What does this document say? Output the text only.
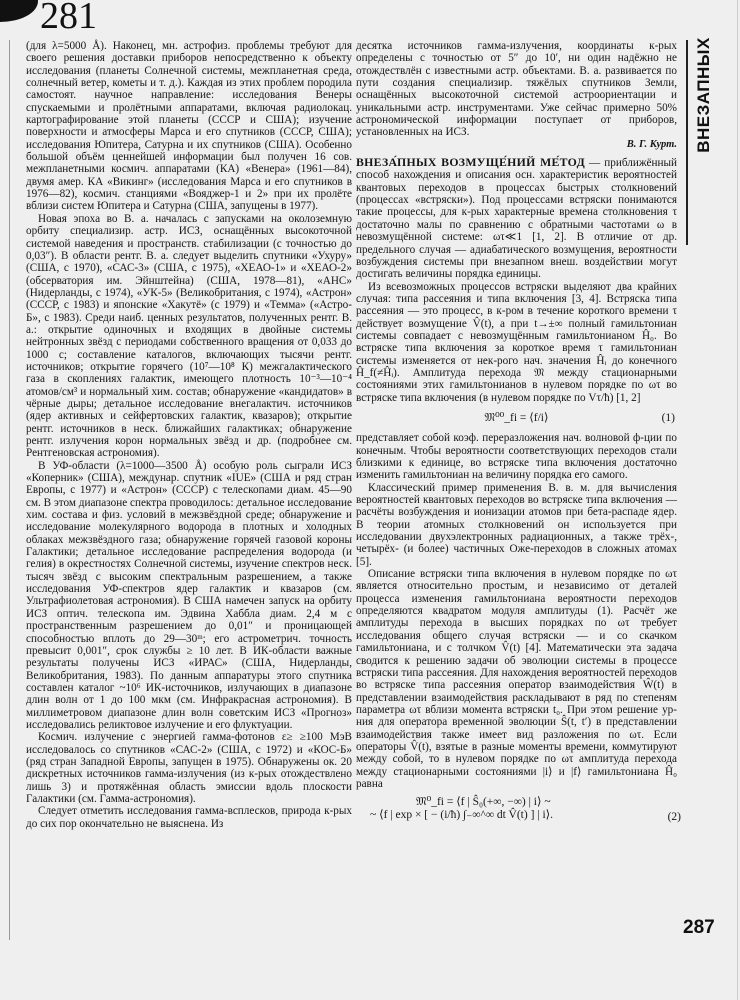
281

(для λ=5000 Å). Наконец, мн. астрофиз. проблемы требуют для своего решения доставки приборов непосредственно к объекту исследования (планеты Солнечной системы, межпланетная среда, солнечный ветер, кометы и т. д.). Каждая из этих проблем породила самостоят. научное направление: исследования Венеры спускаемыми и пролётными аппаратами, включая радиолокац. картографирование этой планеты (СССР и США); изучение поверхности и атмосферы Марса и его спутников (СССР, США); исследования Юпитера, Сатурна и их спутников (США). Особенно большой объём ценнейшей информации был получен 16 сов. межпланетными космич. аппаратами (КА) «Венера» (1961—84), двумя амер. КА «Викинг» (исследования Марса и его спутников в 1976—82), космич. станциями «Вояджер-1 и 2» при их пролёте вблизи систем Юпитера и Сатурна (США, запущены в 1977).

Новая эпоха во В. а. началась с запусками на околоземную орбиту специализир. астр. ИСЗ, оснащённых высокоточной системой наведения и пространств. стабилизации (с точностью до 0,03″). В области рентг. В. а. следует выделить спутники «Ухуру» (США, с 1970), «САС-3» (США, с 1975), «ХЕАО-1» и «ХЕАО-2» (обсерватория им. Эйнштейна) (США, 1978—81), «АНС» (Нидерланды, с 1974), «УК-5» (Великобритания, с 1974), «Астрон» (СССР, с 1983) и японские «Хакутё» (с 1979) и «Темма» («Астро-Б», с 1983). Среди наиб. ценных результатов, полученных рентг. В. а.: открытие одиночных и входящих в двойные системы нейтронных звёзд с периодами собственного вращения от 0,033 до 1000 с; составление каталогов, включающих тысячи рентг. источников; открытие горячего (10⁷—10⁸ К) межгалактического газа в скоплениях галактик, имеющего плотность 10⁻³—10⁻⁴ атомов/см³ и нормальный хим. состав; обнаружение «кандидатов» в чёрные дыры; детальное исследование внегалактич. источников (ядер активных и сейфертовских галактик, квазаров); открытие рентг. источников в неск. ближайших галактиках; обнаружение рентг. излучения корон нормальных звёзд и др. (подробнее см. Рентгеновская астрономия).

В УФ-области (λ=1000—3500 Å) особую роль сыграли ИСЗ «Коперник» (США), междунар. спутник «IUE» (США и ряд стран Европы, с 1977) и «Астрон» (СССР) с телескопами диам. 45—90 см. В этом диапазоне спектра проводилось: детальное исследование хим. состава и физ. условий в межзвёздной среде; обнаружение и исследование молекулярного водорода в плотных и холодных облаках межзвёздного газа; обнаружение горячей газовой короны Галактики; детальное исследование распределения водорода (и гелия) в окрестностях Солнечной системы, изучение спектров неск. тысяч звёзд с высоким спектральным разрешением, а также исследования УФ-спектров ядер галактик и квазаров (см. Ультрафиолетовая астрономия). В США намечен запуск на орбиту ИСЗ оптич. телескопа им. Эдвина Хаббла диам. 2,4 м с пространственным разрешением до 0,01″ и проницающей способностью вплоть до 29—30ᵐ; его астрометрич. точность превысит 0,001″, срок службы ≥ 10 лет. В ИК-области важные результаты получены ИСЗ «ИРАС» (США, Нидерланды, Великобритания, 1983). По данным аппаратуры этого спутника составлен каталог ~10⁶ ИК-источников, излучающих в диапазоне длин волн от 1 до 100 мкм (см. Инфракрасная астрономия). В миллиметровом диапазоне длин волн советским ИСЗ «Прогноз» исследовались реликтовое излучение и его флуктуации.

Космич. излучение с энергией гамма-фотонов ε≥ ≥100 МэВ исследовалось со спутников «САС-2» (США, с 1972) и «КОС-Б» (ряд стран Западной Европы, запущен в 1975). Обнаружены ок. 20 дискретных источников гамма-излучения (из к-рых отождествлено лишь 3) и протяжённая область эмиссии вдоль плоскости Галактики (см. Гамма-астрономия).

Следует отметить исследования гамма-всплесков, природа к-рых до сих пор окончательно не выяснена. Из

десятка источников гамма-излучения, координаты к-рых определены с точностью от 5″ до 10′, ни один надёжно не отождествлён с известными астр. объектами. В. а. развивается по пути создания специализир. тяжёлых спутников Земли, оснащённых высокоточной системой астроориентации и уникальными астр. инструментами. Уже сейчас примерно 50% астрономической информации поступает от приборов, установленных на ИСЗ.

В. Г. Курт.

ВНЕЗА́ПНЫХ ВОЗМУЩЕ́НИЙ МЕ́ТОД — приближённый способ нахождения и описания осн. характеристик вероятностей квантовых переходов в процессах быстрых столкновений (процессах «встряски»). Под процессами встряски понимаются такие процессы, для к-рых характерные времена столкновения τ достаточно малы по сравнению с обратными частотами ω в невозмущённой системе: ωτ≪1 [1, 2]. В отличие от др. предельного случая — адиабатического возмущения, вероятности возбуждения системы при внезапном внеш. воздействии могут достигать величины порядка единицы.

Из всевозможных процессов встряски выделяют два крайних случая: типа рассеяния и типа включения [3, 4]. Встряска типа рассеяния — это процесс, в к-ром в течение короткого времени τ действует возмущение V̂(t), а при t→±∞ полный гамильтониан системы совпадает с невозмущённым гамильтонианом Ĥ₀. Во встряске типа включения за короткое время τ гамильтониан системы изменяется от нек-рого нач. значения Ĥᵢ до конечного Ĥ_f(≠Ĥᵢ). Амплитуда перехода 𝔐 между стационарными состояниями этих гамильтонианов в нулевом порядке по ωτ во встряске типа включения (в нулевом порядке по Vτ/ħ) [1, 2]

𝔐⁰⁰_fi = ⟨f/i⟩	(1)

представляет собой коэф. переразложения нач. волновой ф-ции по конечным. Чтобы вероятности соответствующих переходов стали близкими к единице, во встряске типа включения достаточно изменить гамильтониан на величину порядка его самого.

Классический пример применения В. в. м. для вычисления вероятностей квантовых переходов во встряске типа включения — расчёты возбуждения и ионизации атомов при бета-распаде ядер. В теории атомных столкновений он используется при исследовании двухэлектронных радиационных, а также трёх-, четырёх- (и более) частичных Оже-переходов в сложных атомах [5].

Описание встряски типа включения в нулевом порядке по ωτ является относительно простым, и независимо от деталей процесса изменения гамильтониана вероятности переходов определяются квадратом модуля амплитуды (1). Расчёт же амплитуды перехода в высших порядках по ωτ требует исследования общего случая встряски — и со скачком гамильтониана, и с толчком V̂(t) [4]. Математически эта задача сводится к решению задачи об эволюции системы в процессе встряски типа рассеяния. Для нахождения вероятностей переходов во встряске типа рассеяния оператор взаимодействия Ŵ(t) в представлении взаимодействия раскладывают в ряд по степеням параметра ωτ вблизи момента встряски t₀. При этом решение ур-ния для оператора временной эволюции Ŝ(t, t′) в представлении взаимодействия также имеет вид разложения по ωτ. Если операторы V̂(t), взятые в разные моменты времени, коммутируют между собой, то в нулевом порядке по ωτ амплитуда перехода между стационарными состояниями |i⟩ и |f⟩ гамильтониана Ĥ₀ равна

𝔐⁰_fi = ⟨f | Ŝ₀(+∞, −∞) | i⟩ ~
~ ⟨f | exp × [ − (i/ħ) ∫₋∞^∞ dt V̂(t) ] | i⟩.	(2)
ВНЕЗАПНЫХ
287
